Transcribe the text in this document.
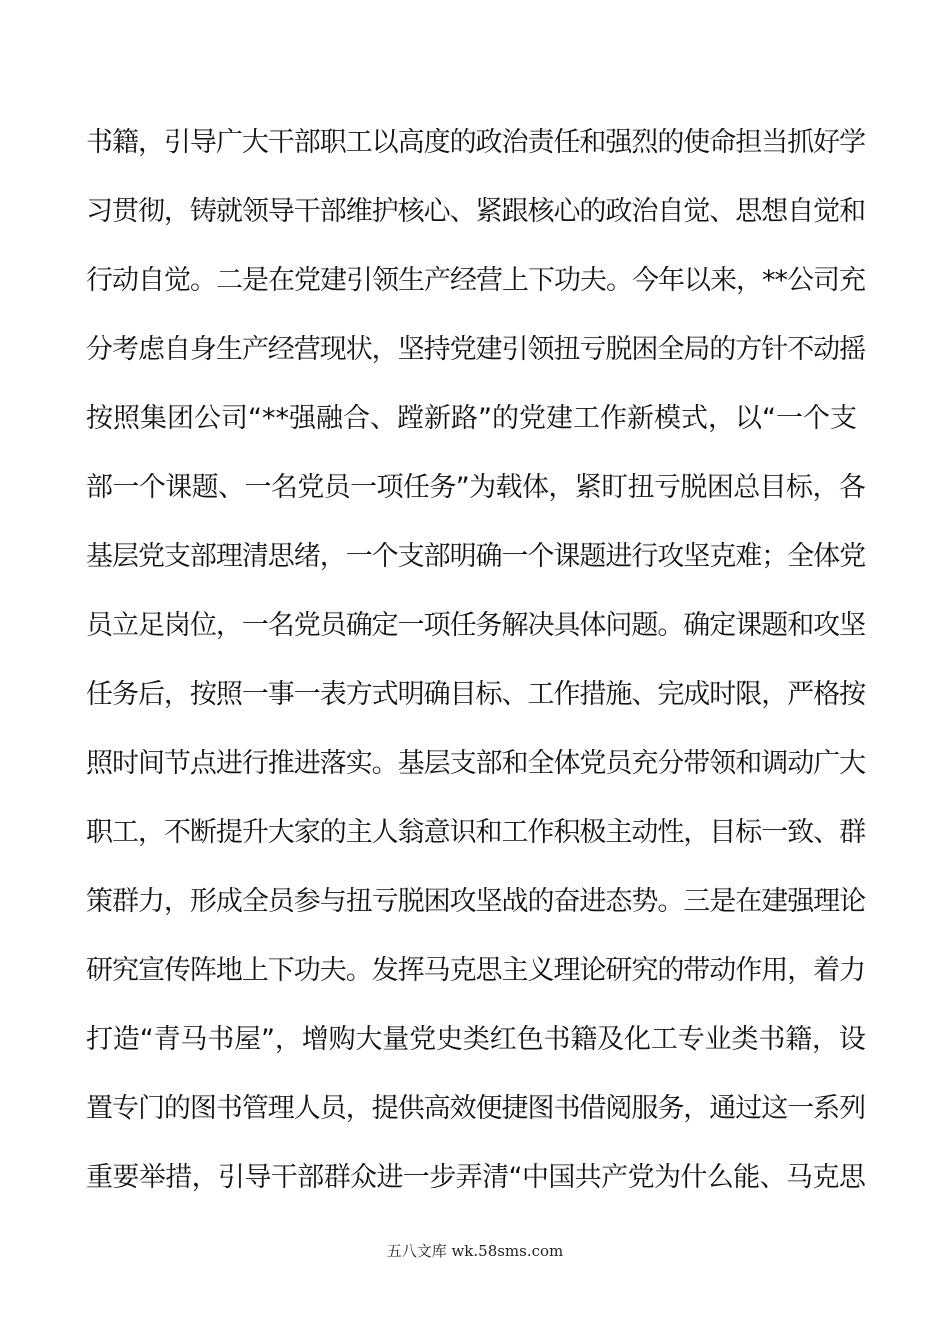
书籍，引导广大干部职工以高度的政治责任和强烈的使命担当抓好学
习贯彻，铸就领导干部维护核心、紧跟核心的政治自觉、思想自觉和
行动自觉。二是在党建引领生产经营上下功夫。今年以来，**公司充
分考虑自身生产经营现状，坚持党建引领扭亏脱困全局的方针不动摇
按照集团公司“**强融合、蹚新路”的党建工作新模式，以“一个支
部一个课题、一名党员一项任务”为载体，紧盯扭亏脱困总目标，各
基层党支部理清思绪，一个支部明确一个课题进行攻坚克难；全体党
员立足岗位，一名党员确定一项任务解决具体问题。确定课题和攻坚
任务后，按照一事一表方式明确目标、工作措施、完成时限，严格按
照时间节点进行推进落实。基层支部和全体党员充分带领和调动广大
职工，不断提升大家的主人翁意识和工作积极主动性，目标一致、群
策群力，形成全员参与扭亏脱困攻坚战的奋进态势。三是在建强理论
研究宣传阵地上下功夫。发挥马克思主义理论研究的带动作用，着力
打造“青马书屋”，增购大量党史类红色书籍及化工专业类书籍，设
置专门的图书管理人员，提供高效便捷图书借阅服务，通过这一系列
重要举措，引导干部群众进一步弄清“中国共产党为什么能、马克思
五八文库 wk.58sms.com
